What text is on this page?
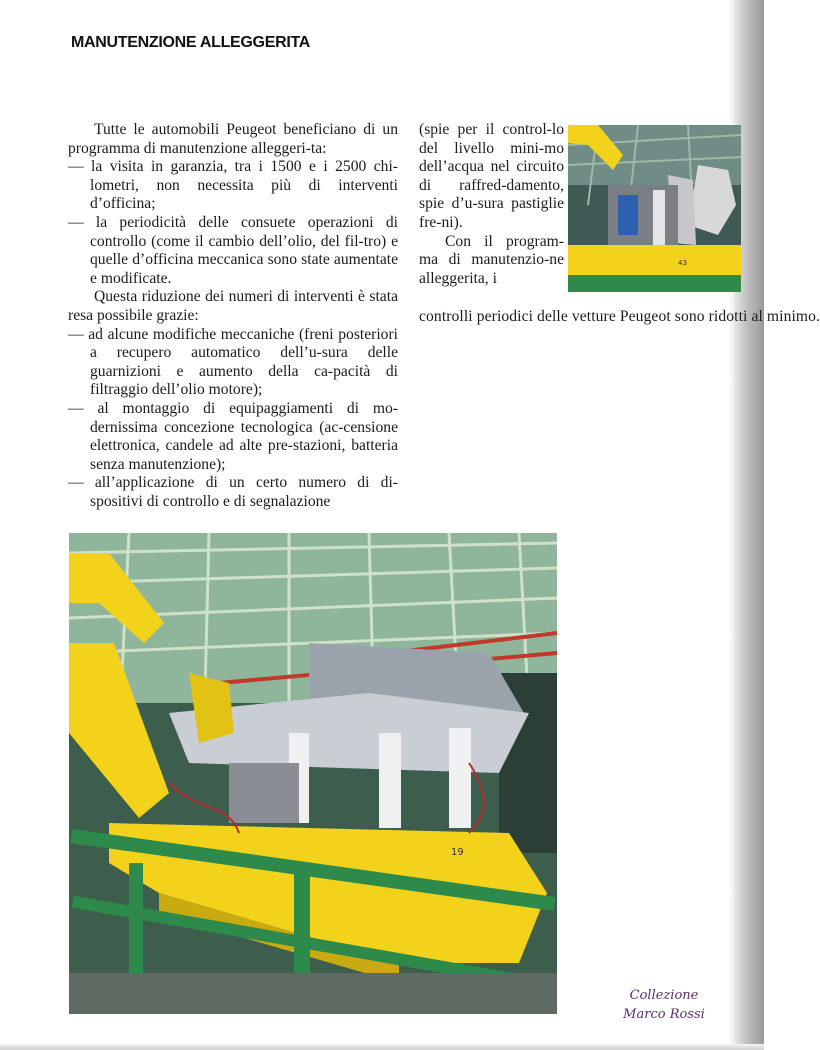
MANUTENZIONE ALLEGGERITA

Tutte le automobili Peugeot beneficiano di un programma di manutenzione alleggeri-ta:

— la visita in garanzia, tra i 1500 e i 2500 chi-lometri, non necessita più di interventi d’officina;

— la periodicità delle consuete operazioni di controllo (come il cambio dell’olio, del fil-tro) e quelle d’officina meccanica sono state aumentate e modificate.

Questa riduzione dei numeri di interventi è stata resa possibile grazie:

— ad alcune modifiche meccaniche (freni posteriori a recupero automatico dell’u-sura delle guarnizioni e aumento della ca-pacità di filtraggio dell’olio motore);

— al montaggio di equipaggiamenti di mo-dernissima concezione tecnologica (ac-censione elettronica, candele ad alte pre-stazioni, batteria senza manutenzione);

— all’applicazione di un certo numero di di-spositivi di controllo e di segnalazione

(spie per il control-lo del livello mini-mo dell’acqua nel circuito di raffred-damento, spie d’u-sura pastiglie fre-ni).

Con il program-ma di manutenzio-ne alleggerita, i

controlli periodici delle vetture Peugeot sono ridotti al minimo.

43
19
Collezione
Marco Rossi
